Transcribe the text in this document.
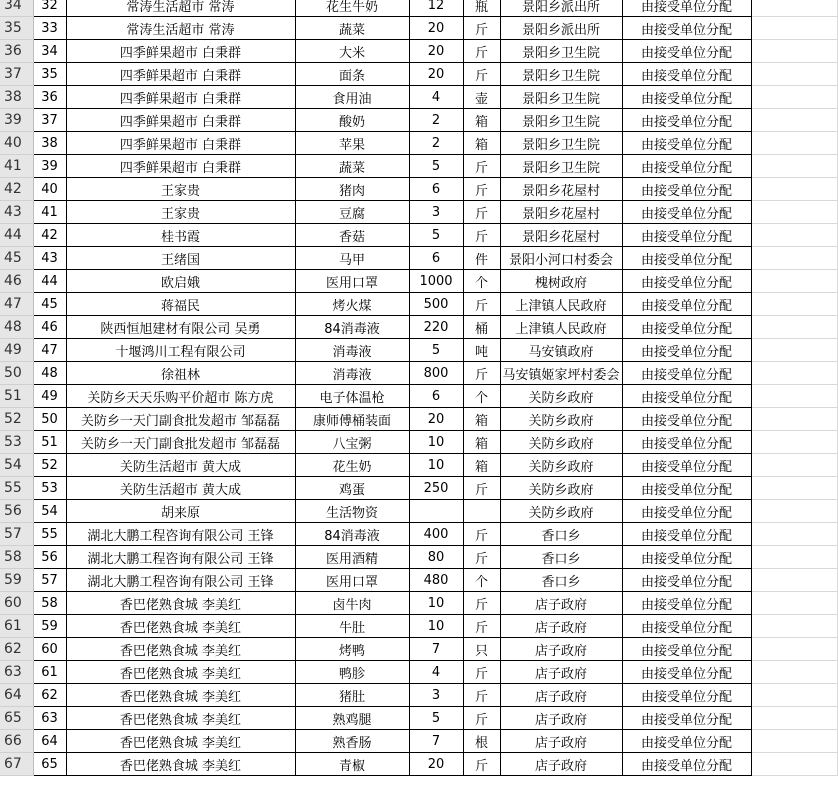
34	32	常涛生活超市 常涛	花生牛奶	12	瓶	景阳乡派出所	由接受单位分配	
35	33	常涛生活超市 常涛	蔬菜	20	斤	景阳乡派出所	由接受单位分配	
36	34	四季鲜果超市 白秉群	大米	20	斤	景阳乡卫生院	由接受单位分配	
37	35	四季鲜果超市 白秉群	面条	20	斤	景阳乡卫生院	由接受单位分配	
38	36	四季鲜果超市 白秉群	食用油	4	壶	景阳乡卫生院	由接受单位分配	
39	37	四季鲜果超市 白秉群	酸奶	2	箱	景阳乡卫生院	由接受单位分配	
40	38	四季鲜果超市 白秉群	苹果	2	箱	景阳乡卫生院	由接受单位分配	
41	39	四季鲜果超市 白秉群	蔬菜	5	斤	景阳乡卫生院	由接受单位分配	
42	40	王家贵	猪肉	6	斤	景阳乡花屋村	由接受单位分配	
43	41	王家贵	豆腐	3	斤	景阳乡花屋村	由接受单位分配	
44	42	桂书霞	香菇	5	斤	景阳乡花屋村	由接受单位分配	
45	43	王绪国	马甲	6	件	景阳小河口村委会	由接受单位分配	
46	44	欧启娥	医用口罩	1000	个	槐树政府	由接受单位分配	
47	45	蒋福民	烤火煤	500	斤	上津镇人民政府	由接受单位分配	
48	46	陕西恒旭建材有限公司 吴勇	84消毒液	220	桶	上津镇人民政府	由接受单位分配	
49	47	十堰鸿川工程有限公司	消毒液	5	吨	马安镇政府	由接受单位分配	
50	48	徐祖林	消毒液	800	斤	马安镇姬家坪村委会	由接受单位分配	
51	49	关防乡天天乐购平价超市 陈方虎	电子体温枪	6	个	关防乡政府	由接受单位分配	
52	50	关防乡一天门副食批发超市 邹磊磊	康师傅桶装面	20	箱	关防乡政府	由接受单位分配	
53	51	关防乡一天门副食批发超市 邹磊磊	八宝粥	10	箱	关防乡政府	由接受单位分配	
54	52	关防生活超市 黄大成	花生奶	10	箱	关防乡政府	由接受单位分配	
55	53	关防生活超市 黄大成	鸡蛋	250	斤	关防乡政府	由接受单位分配	
56	54	胡来原	生活物资			关防乡政府	由接受单位分配	
57	55	湖北大鹏工程咨询有限公司 王锋	84消毒液	400	斤	香口乡	由接受单位分配	
58	56	湖北大鹏工程咨询有限公司 王锋	医用酒精	80	斤	香口乡	由接受单位分配	
59	57	湖北大鹏工程咨询有限公司 王锋	医用口罩	480	个	香口乡	由接受单位分配	
60	58	香巴佬熟食城 李美红	卤牛肉	10	斤	店子政府	由接受单位分配	
61	59	香巴佬熟食城 李美红	牛肚	10	斤	店子政府	由接受单位分配	
62	60	香巴佬熟食城 李美红	烤鸭	7	只	店子政府	由接受单位分配	
63	61	香巴佬熟食城 李美红	鸭胗	4	斤	店子政府	由接受单位分配	
64	62	香巴佬熟食城 李美红	猪肚	3	斤	店子政府	由接受单位分配	
65	63	香巴佬熟食城 李美红	熟鸡腿	5	斤	店子政府	由接受单位分配	
66	64	香巴佬熟食城 李美红	熟香肠	7	根	店子政府	由接受单位分配	
67	65	香巴佬熟食城 李美红	青椒	20	斤	店子政府	由接受单位分配	
